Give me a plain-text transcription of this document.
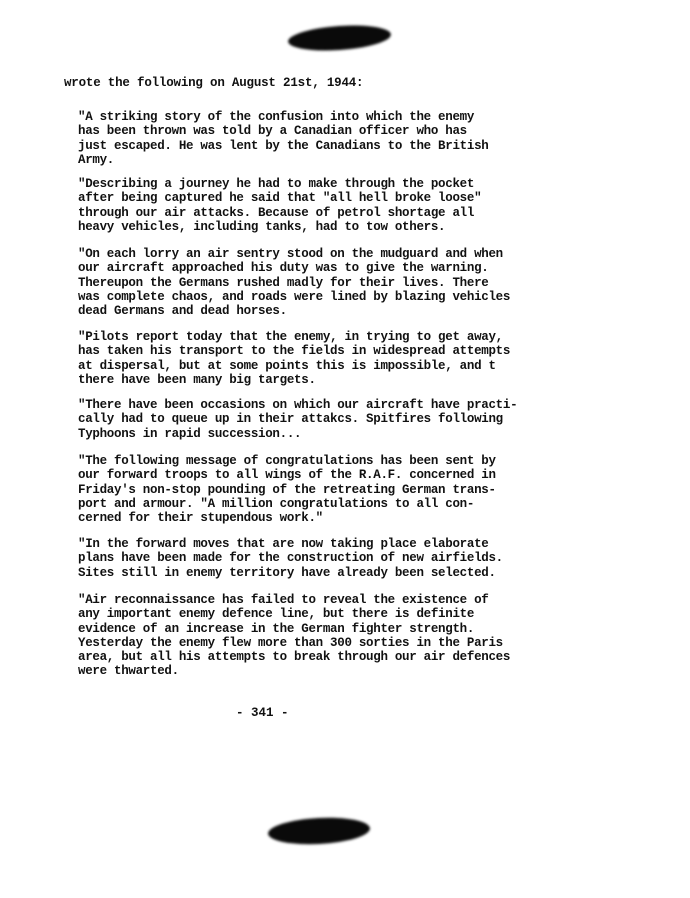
wrote the following on August 21st, 1944:
"A striking story of the confusion into which the enemy
has been thrown was told by a Canadian officer who has
just escaped. He was lent by the Canadians to the British
Army.
"Describing a journey he had to make through the pocket
after being captured he said that "all hell broke loose"
through our air attacks. Because of petrol shortage all
heavy vehicles, including tanks, had to tow others.
"On each lorry an air sentry stood on the mudguard and when
our aircraft approached his duty was to give the warning.
Thereupon the Germans rushed madly for their lives. There
was complete chaos, and roads were lined by blazing vehicles
dead Germans and dead horses.
"Pilots report today that the enemy, in trying to get away,
has taken his transport to the fields in widespread attempts
at dispersal, but at some points this is impossible, and t
there have been many big targets.
"There have been occasions on which our aircraft have practi-
cally had to queue up in their attakcs. Spitfires following
Typhoons in rapid succession...
"The following message of congratulations has been sent by
our forward troops to all wings of the R.A.F. concerned in
Friday's non-stop pounding of the retreating German trans-
port and armour. "A million congratulations to all con-
cerned for their stupendous work."
"In the forward moves that are now taking place elaborate
plans have been made for the construction of new airfields.
Sites still in enemy territory have already been selected.
"Air reconnaissance has failed to reveal the existence of
any important enemy defence line, but there is definite
evidence of an increase in the German fighter strength.
Yesterday the enemy flew more than 300 sorties in the Paris
area, but all his attempts to break through our air defences
were thwarted.
- 341 -
